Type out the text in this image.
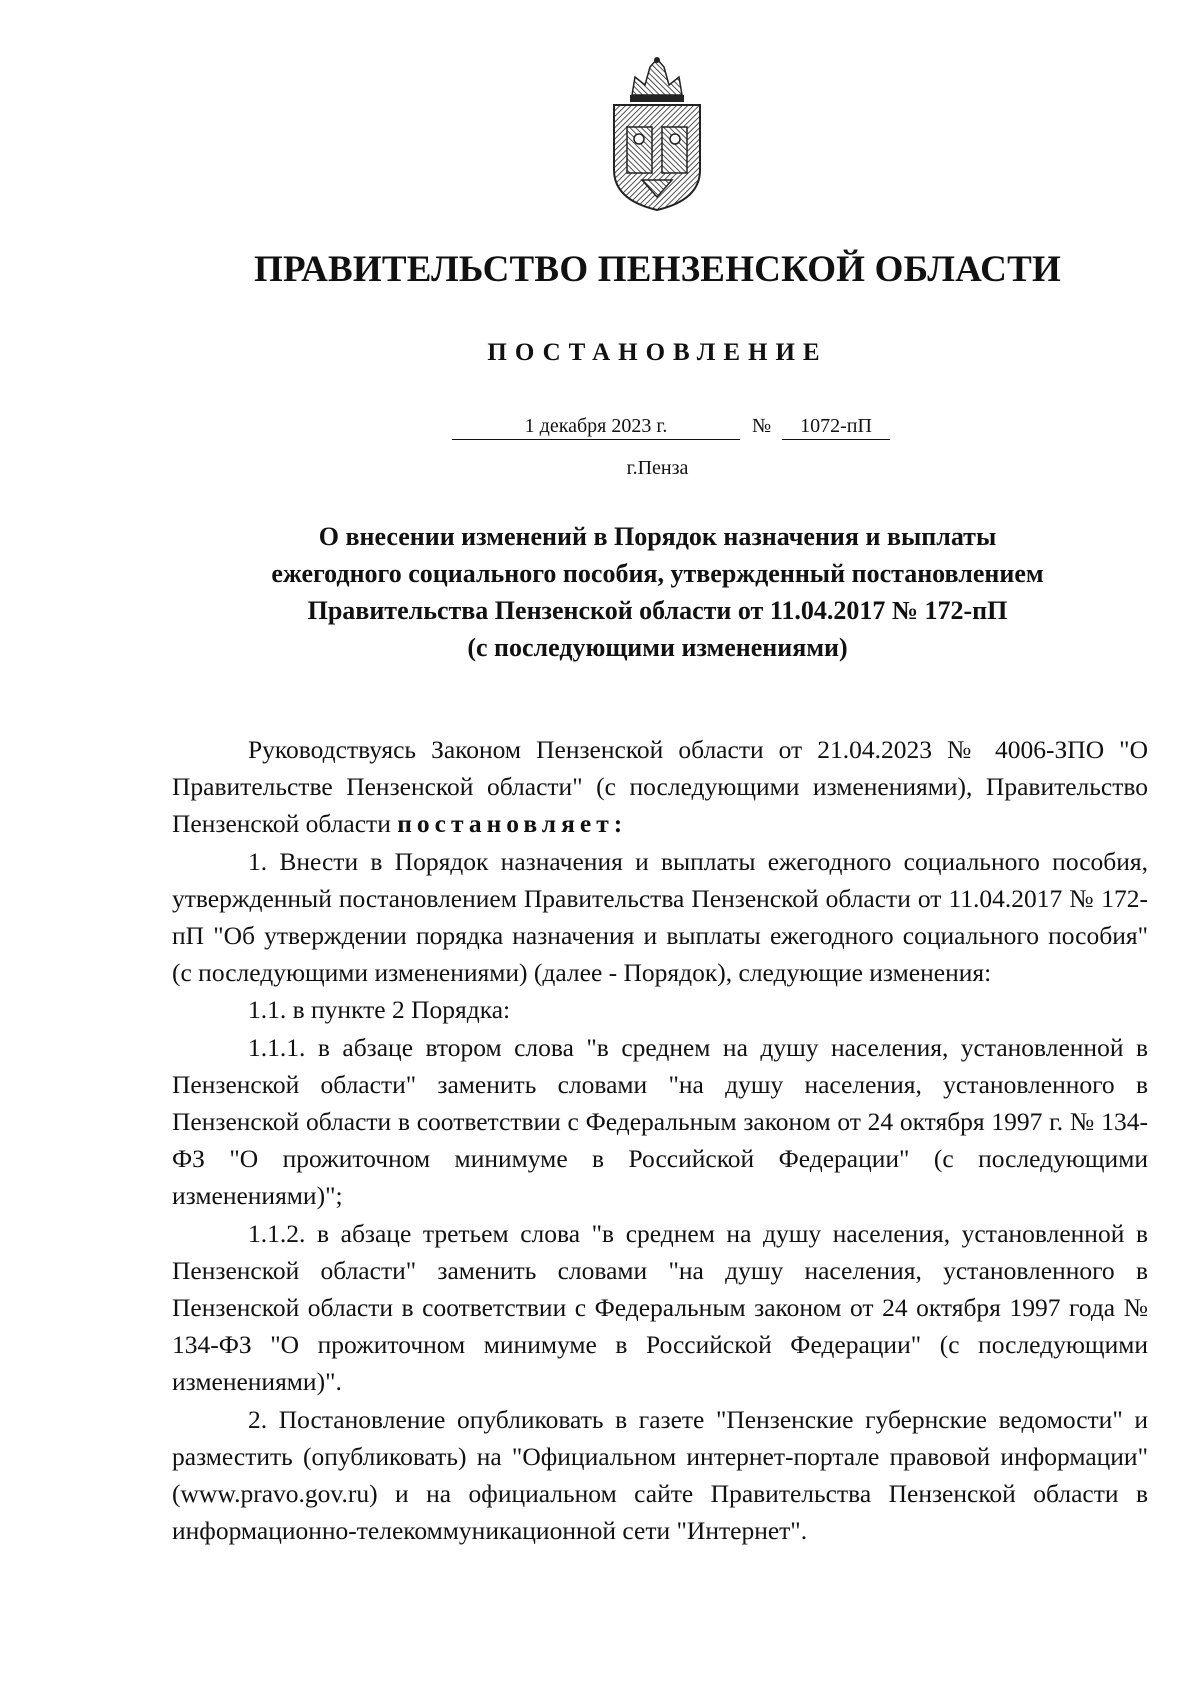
ПРАВИТЕЛЬСТВО ПЕНЗЕНСКОЙ ОБЛАСТИ
ПОСТАНОВЛЕНИЕ
1 декабря 2023 г.	№	1072-пП
г.Пенза
О внесении изменений в Порядок назначения и выплаты
ежегодного социального пособия, утвержденный постановлением
Правительства Пензенской области от 11.04.2017 № 172-пП
(с последующими изменениями)

Руководствуясь Законом Пензенской области от 21.04.2023 № 4006-ЗПО "О Правительстве Пензенской области" (с последующими изменениями), Правительство Пензенской области постановляет:

1. Внести в Порядок назначения и выплаты ежегодного социального пособия, утвержденный постановлением Правительства Пензенской области от 11.04.2017 № 172-пП "Об утверждении порядка назначения и выплаты ежегодного социального пособия" (с последующими изменениями) (далее - Порядок), следующие изменения:

1.1. в пункте 2 Порядка:

1.1.1. в абзаце втором слова "в среднем на душу населения, установленной в Пензенской области" заменить словами "на душу населения, установленного в Пензенской области в соответствии с Федеральным законом от 24 октября 1997 г. № 134-ФЗ "О прожиточном минимуме в Российской Федерации" (с последующими изменениями)";

1.1.2. в абзаце третьем слова "в среднем на душу населения, установленной в Пензенской области" заменить словами "на душу населения, установленного в Пензенской области в соответствии с Федеральным законом от 24 октября 1997 года № 134-ФЗ "О прожиточном минимуме в Российской Федерации" (с последующими изменениями)".

2. Постановление опубликовать в газете "Пензенские губернские ведомости" и разместить (опубликовать) на "Официальном интернет-портале правовой информации" (www.pravo.gov.ru) и на официальном сайте Правительства Пензенской области в информационно-телекоммуникационной сети "Интернет".
